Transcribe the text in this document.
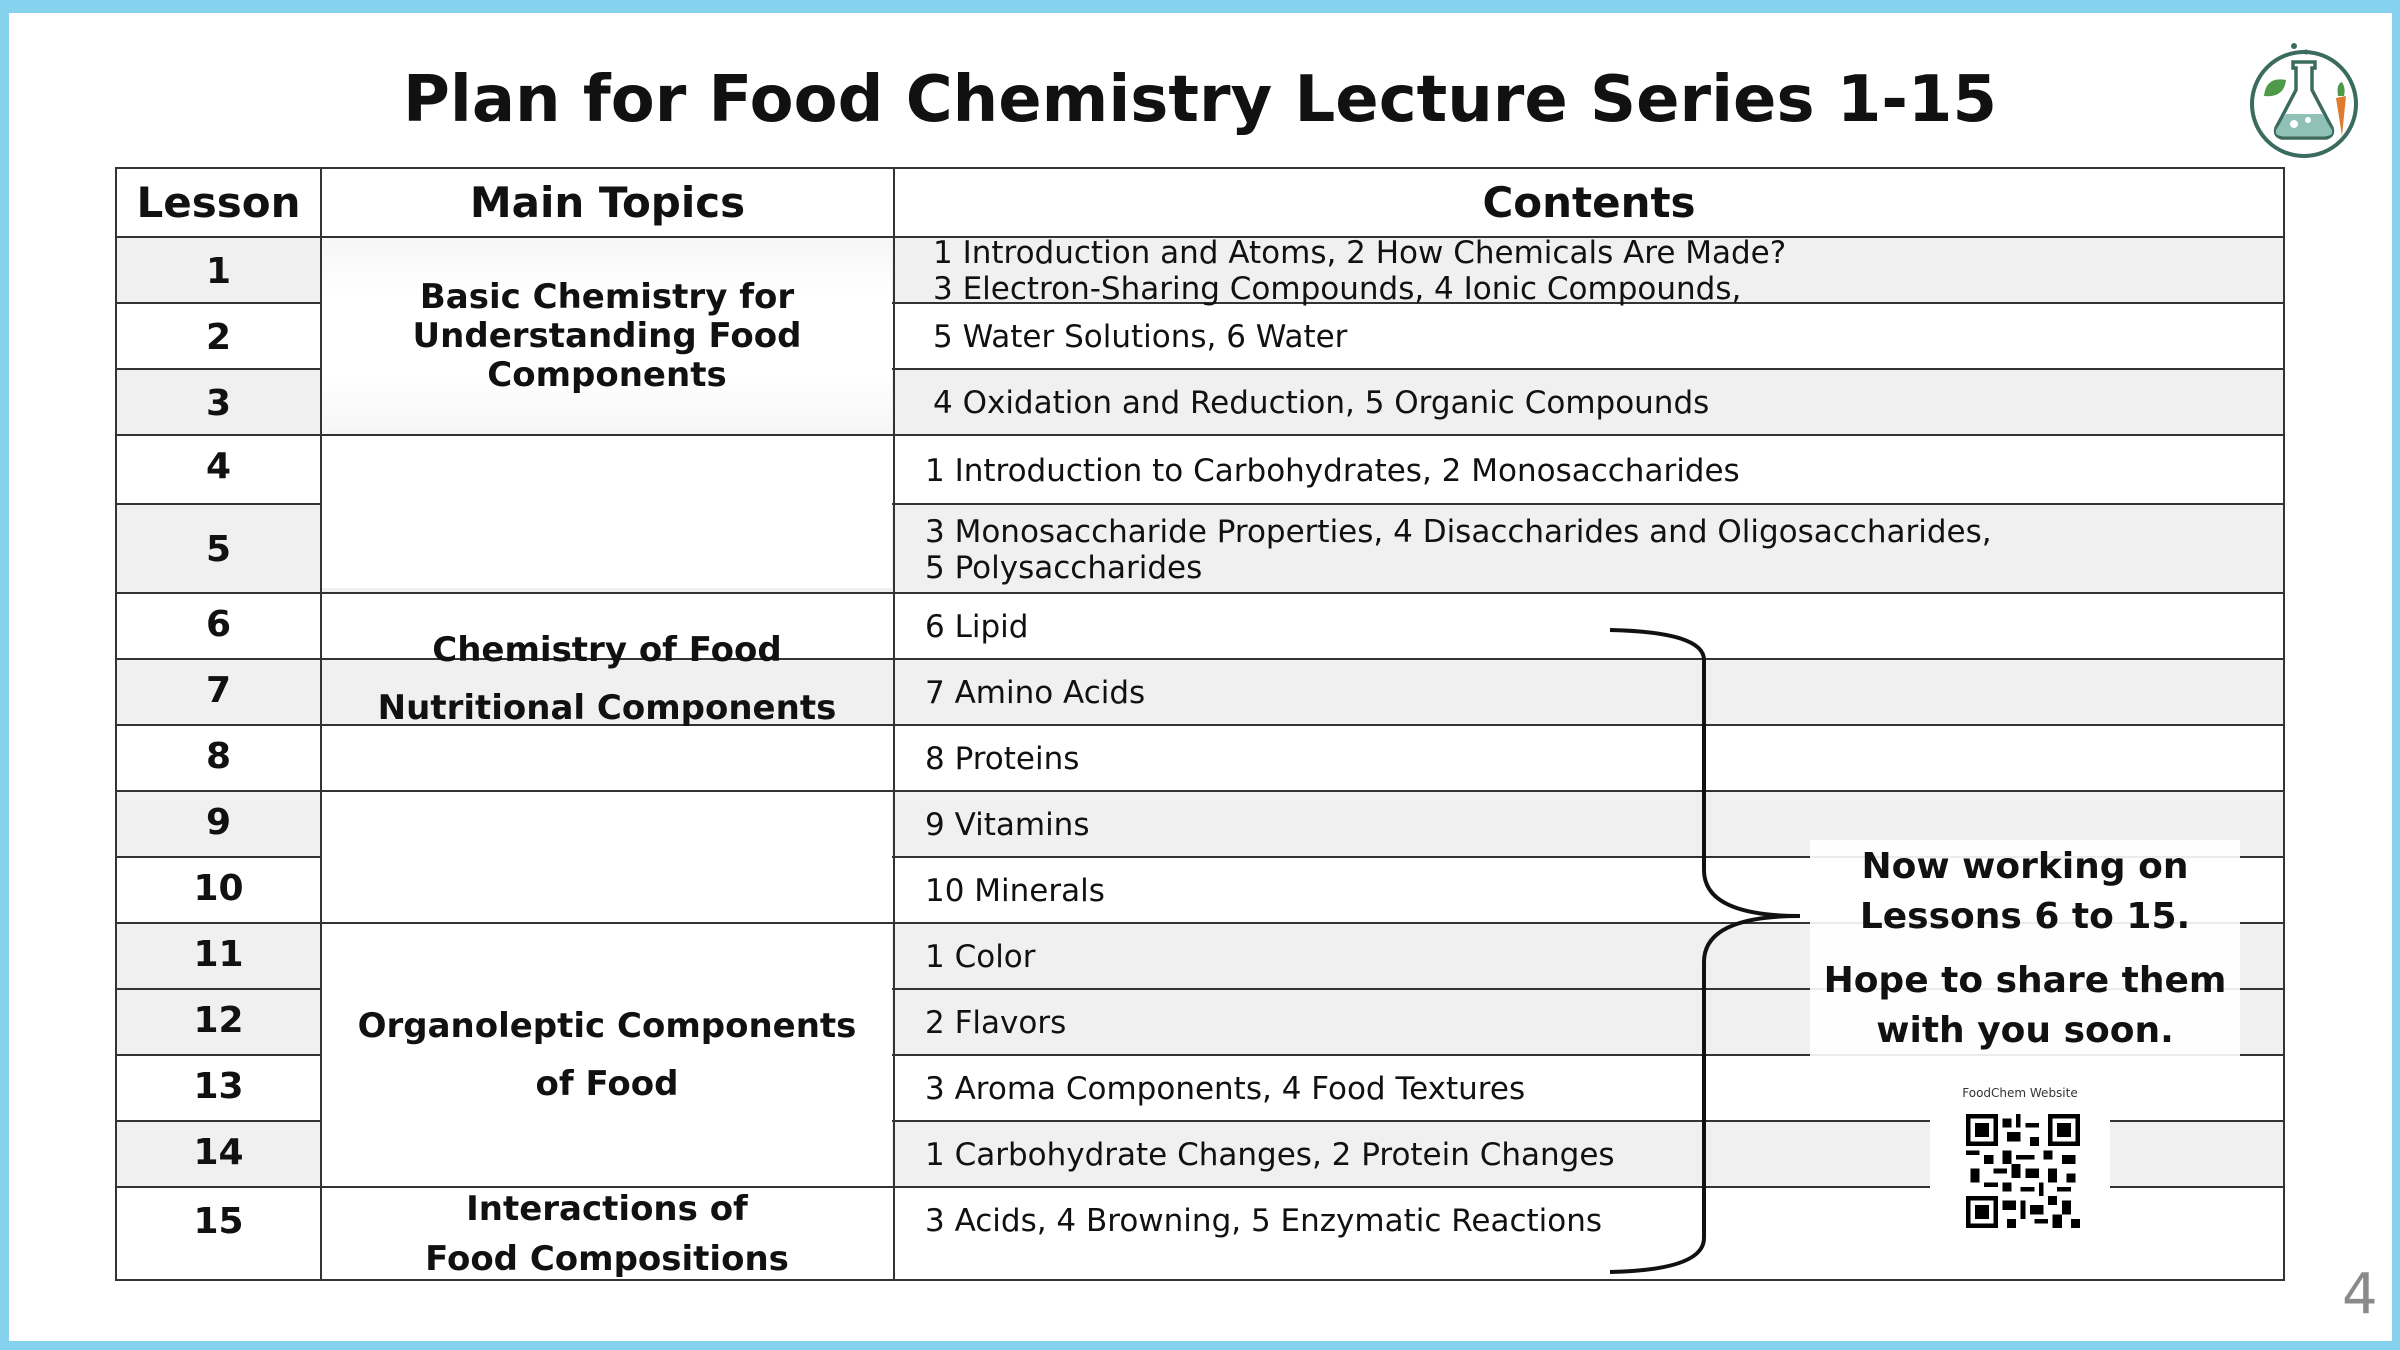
Plan for Food Chemistry Lecture Series 1-15
Lesson	Main Topics	Contents
Basic Chemistry for
Understanding Food
Components
Chemistry of Food
Nutritional Components
Organoleptic Components
of Food
Interactions of
Food Compositions
1
2
3
4
5
6
7
8
9
10
11
12
13
14
15
1 Introduction and Atoms, 2 How Chemicals Are Made?
3 Electron-Sharing Compounds, 4 Ionic Compounds,
5 Water Solutions, 6 Water
4 Oxidation and Reduction, 5 Organic Compounds
1 Introduction to Carbohydrates, 2 Monosaccharides
3 Monosaccharide Properties, 4 Disaccharides and Oligosaccharides,
5 Polysaccharides
6 Lipid
7 Amino Acids
8 Proteins
9 Vitamins
10 Minerals
1 Color
2 Flavors
3 Aroma Components, 4 Food Textures
1 Carbohydrate Changes, 2 Protein Changes
3 Acids, 4 Browning, 5 Enzymatic Reactions
Now working on
Lessons 6 to 15.
Hope to share them
with you soon.
FoodChem Website
4
